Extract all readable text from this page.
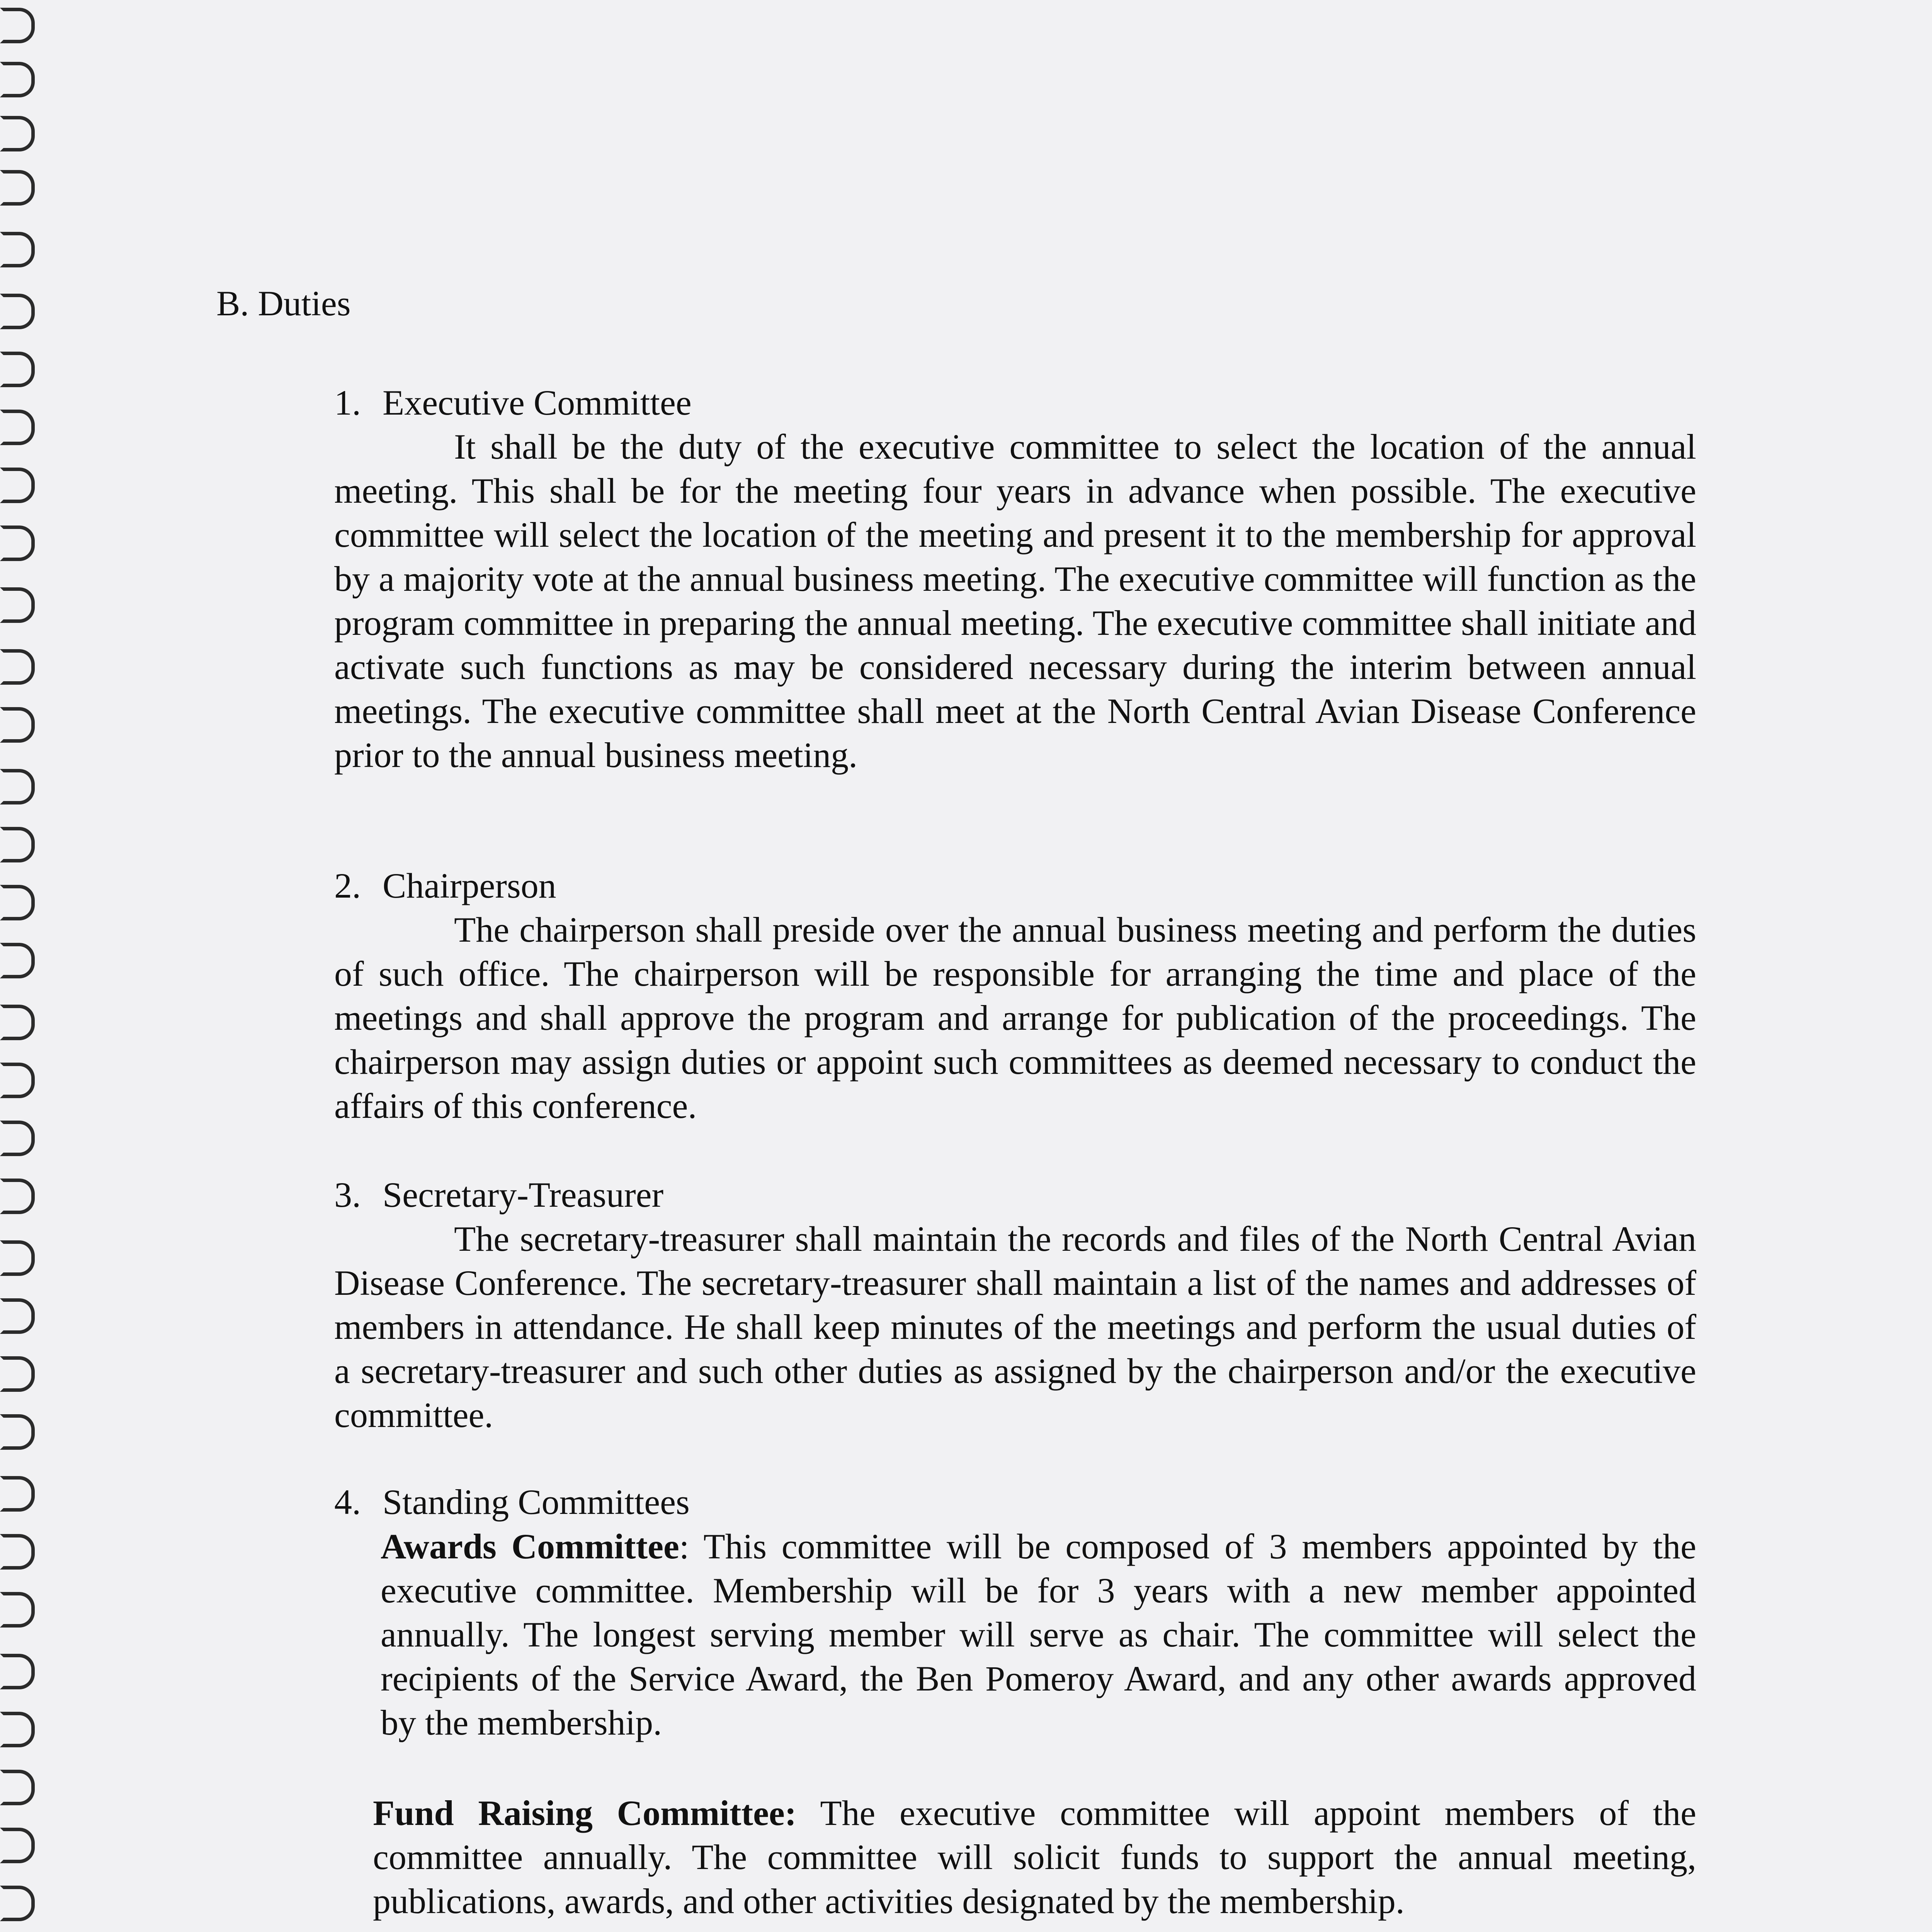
B. Duties
1. Executive Committee

It shall be the duty of the executive committee to select the location of the annual meeting. This shall be for the meeting four years in advance when possible. The executive committee will select the location of the meeting and present it to the membership for approval by a majority vote at the annual business meeting. The executive committee will function as the program committee in preparing the annual meeting. The executive committee shall initiate and activate such functions as may be considered necessary during the interim between annual meetings. The executive committee shall meet at the North Central Avian Disease Conference prior to the annual business meeting.

2. Chairperson

The chairperson shall preside over the annual business meeting and perform the duties of such office. The chairperson will be responsible for arranging the time and place of the meetings and shall approve the program and arrange for publication of the proceedings. The chairperson may assign duties or appoint such committees as deemed necessary to conduct the affairs of this conference.

3. Secretary-Treasurer

The secretary-treasurer shall maintain the records and files of the North Central Avian Disease Conference. The secretary-treasurer shall maintain a list of the names and addresses of members in attendance. He shall keep minutes of the meetings and perform the usual duties of a secretary-treasurer and such other duties as assigned by the chairperson and/or the executive committee.

4. Standing Committees

Awards Committee: This committee will be composed of 3 members appointed by the executive committee. Membership will be for 3 years with a new member appointed annually. The longest serving member will serve as chair. The committee will select the recipients of the Service Award, the Ben Pomeroy Award, and any other awards approved by the membership.

Fund Raising Committee: The executive committee will appoint members of the committee annually. The committee will solicit funds to support the annual meeting, publications, awards, and other activities designated by the membership.
